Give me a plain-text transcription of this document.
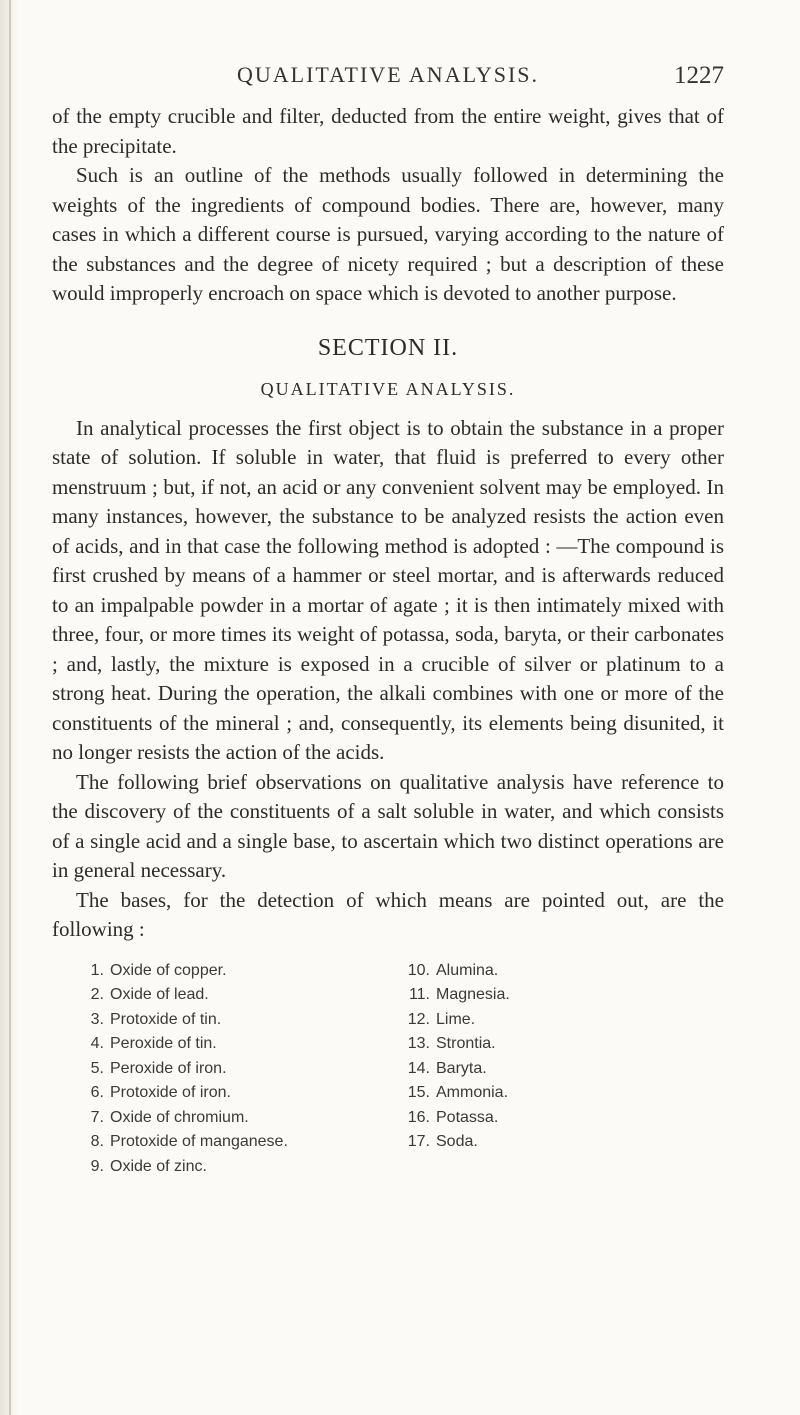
QUALITATIVE ANALYSIS.	1227

of the empty crucible and filter, deducted from the entire weight, gives that of the precipitate.

Such is an outline of the methods usually followed in determining the weights of the ingredients of compound bodies. There are, however, many cases in which a different course is pursued, varying according to the nature of the substances and the degree of nicety required ; but a description of these would improperly encroach on space which is devoted to another purpose.

SECTION II.
QUALITATIVE ANALYSIS.

In analytical processes the first object is to obtain the substance in a proper state of solution. If soluble in water, that fluid is preferred to every other menstruum ; but, if not, an acid or any convenient solvent may be employed. In many instances, however, the substance to be analyzed resists the action even of acids, and in that case the following method is adopted : —The compound is first crushed by means of a hammer or steel mortar, and is afterwards reduced to an impalpable powder in a mortar of agate ; it is then intimately mixed with three, four, or more times its weight of potassa, soda, baryta, or their carbonates ; and, lastly, the mixture is exposed in a crucible of silver or platinum to a strong heat. During the operation, the alkali combines with one or more of the constituents of the mineral ; and, consequently, its elements being disunited, it no longer resists the action of the acids.

The following brief observations on qualitative analysis have reference to the discovery of the constituents of a salt soluble in water, and which consists of a single acid and a single base, to ascertain which two distinct operations are in general necessary.

The bases, for the detection of which means are pointed out, are the following :

1. Oxide of copper.
2. Oxide of lead.
3. Protoxide of tin.
4. Peroxide of tin.
5. Peroxide of iron.
6. Protoxide of iron.
7. Oxide of chromium.
8. Protoxide of manganese.
9. Oxide of zinc.
10. Alumina.
11. Magnesia.
12. Lime.
13. Strontia.
14. Baryta.
15. Ammonia.
16. Potassa.
17. Soda.
